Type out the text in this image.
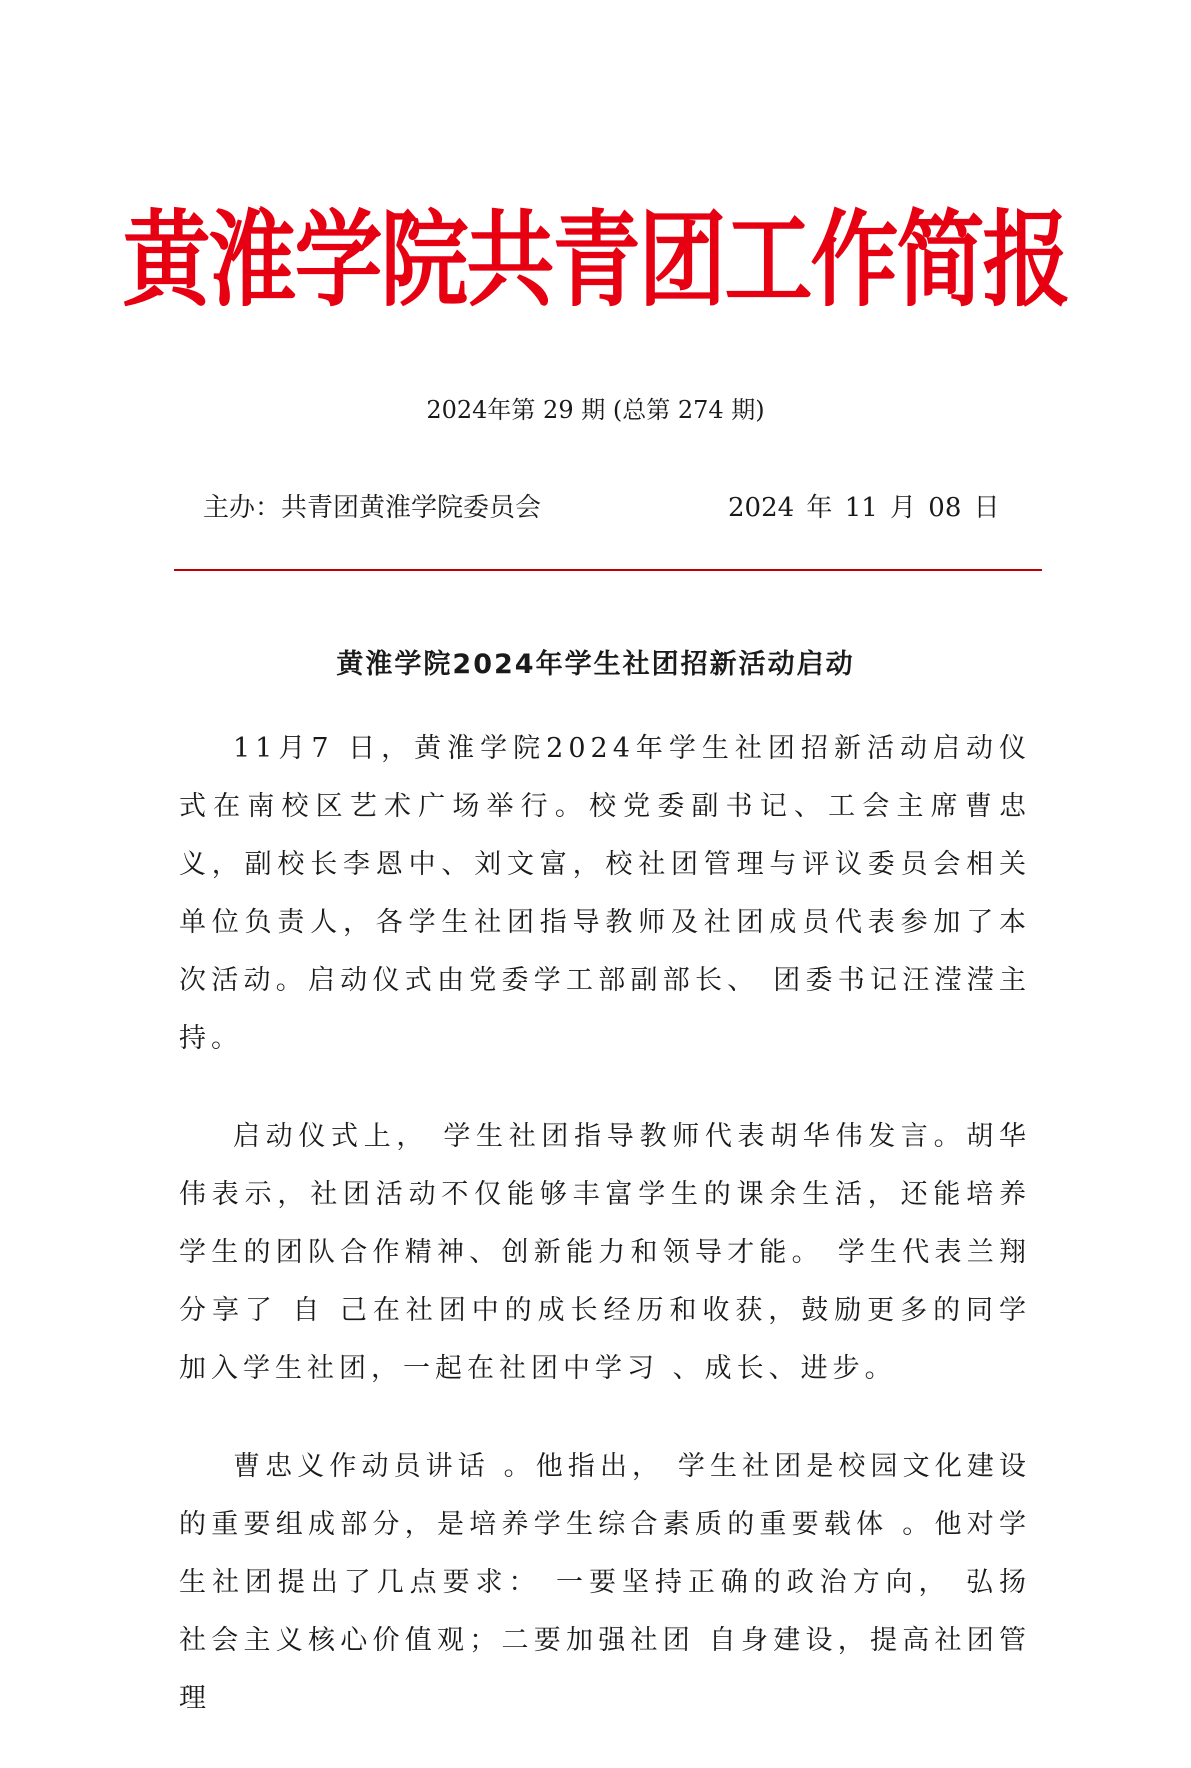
黄淮学院共青团工作简报
2024年第 29 期 (总第 274 期)
主办：共青团黄淮学院委员会	2024 年 11 月 08 日
黄淮学院2024年学生社团招新活动启动

11月7 日，黄淮学院2024年学生社团招新活动启动仪式在南校区艺术广场举行。校党委副书记、工会主席曹忠义，副校长李恩中、刘文富，校社团管理与评议委员会相关单位负责人，各学生社团指导教师及社团成员代表参加了本次活动。启动仪式由党委学工部副部长、 团委书记汪滢滢主持。

启动仪式上， 学生社团指导教师代表胡华伟发言。胡华伟表示，社团活动不仅能够丰富学生的课余生活，还能培养学生的团队合作精神、创新能力和领导才能。 学生代表兰翔分享了 自 己在社团中的成长经历和收获，鼓励更多的同学加入学生社团，一起在社团中学习 、成长、进步。

曹忠义作动员讲话 。他指出， 学生社团是校园文化建设的重要组成部分，是培养学生综合素质的重要载体 。他对学生社团提出了几点要求： 一要坚持正确的政治方向， 弘扬社会主义核心价值观；二要加强社团 自身建设，提高社团管理
